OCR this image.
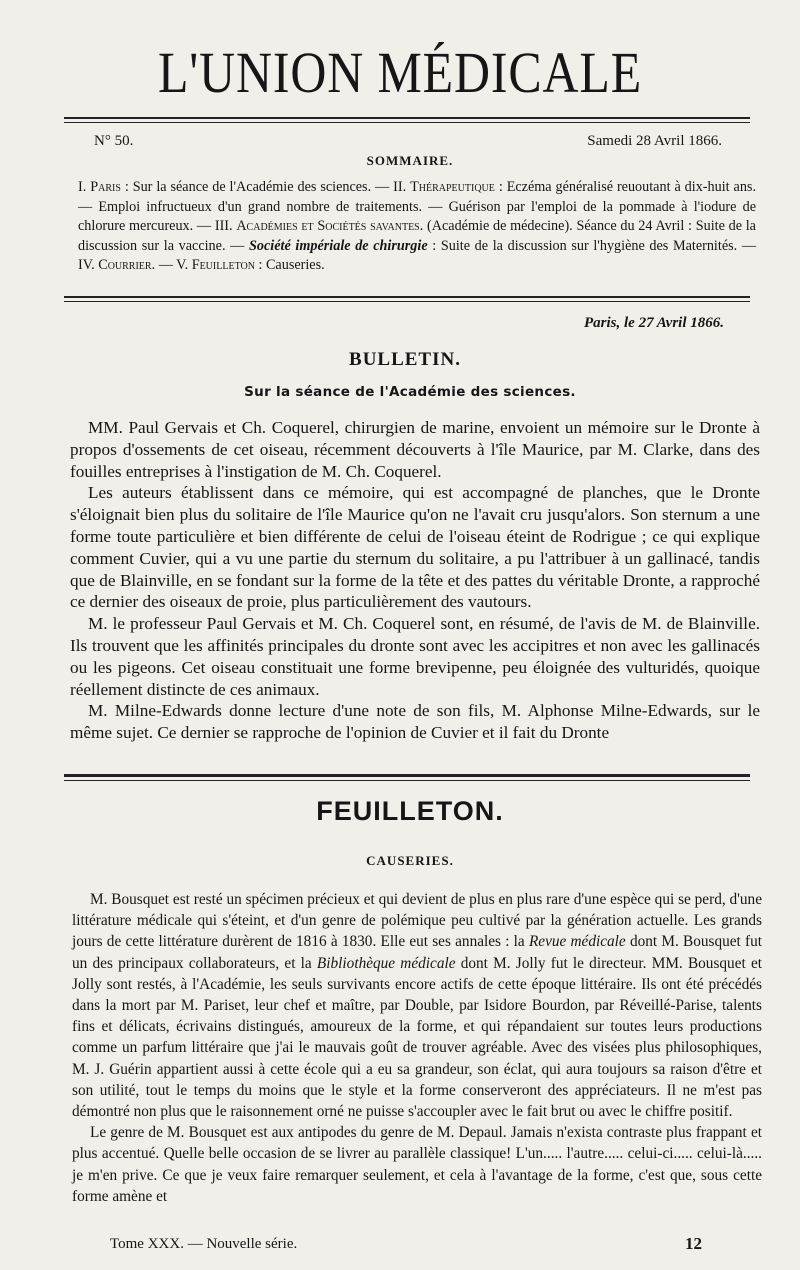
L'UNION MÉDICALE
N° 50.	Samedi 28 Avril 1866.
SOMMAIRE.
I. Paris : Sur la séance de l'Académie des sciences. — II. Thérapeutique : Eczéma généralisé reuoutant à dix-huit ans. — Emploi infructueux d'un grand nombre de traitements. — Guérison par l'emploi de la pommade à l'iodure de chlorure mercureux. — III. Académies et Sociétés savantes. (Académie de médecine). Séance du 24 Avril : Suite de la discussion sur la vaccine. — Société impériale de chirurgie : Suite de la discussion sur l'hygiène des Maternités. — IV. Courrier. — V. Feuilleton : Causeries.
Paris, le 27 Avril 1866.
BULLETIN.
Sur la séance de l'Académie des sciences.

MM. Paul Gervais et Ch. Coquerel, chirurgien de marine, envoient un mémoire sur le Dronte à propos d'ossements de cet oiseau, récemment découverts à l'île Maurice, par M. Clarke, dans des fouilles entreprises à l'instigation de M. Ch. Coquerel.

Les auteurs établissent dans ce mémoire, qui est accompagné de planches, que le Dronte s'éloignait bien plus du solitaire de l'île Maurice qu'on ne l'avait cru jusqu'alors. Son sternum a une forme toute particulière et bien différente de celui de l'oiseau éteint de Rodrigue ; ce qui explique comment Cuvier, qui a vu une partie du sternum du solitaire, a pu l'attribuer à un gallinacé, tandis que de Blainville, en se fondant sur la forme de la tête et des pattes du véritable Dronte, a rapproché ce dernier des oiseaux de proie, plus particulièrement des vautours.

M. le professeur Paul Gervais et M. Ch. Coquerel sont, en résumé, de l'avis de M. de Blainville. Ils trouvent que les affinités principales du dronte sont avec les accipitres et non avec les gallinacés ou les pigeons. Cet oiseau constituait une forme brevipenne, peu éloignée des vulturidés, quoique réellement distincte de ces animaux.

M. Milne-Edwards donne lecture d'une note de son fils, M. Alphonse Milne-Edwards, sur le même sujet. Ce dernier se rapproche de l'opinion de Cuvier et il fait du Dronte

FEUILLETON.
CAUSERIES.

M. Bousquet est resté un spécimen précieux et qui devient de plus en plus rare d'une espèce qui se perd, d'une littérature médicale qui s'éteint, et d'un genre de polémique peu cultivé par la génération actuelle. Les grands jours de cette littérature durèrent de 1816 à 1830. Elle eut ses annales : la Revue médicale dont M. Bousquet fut un des principaux collaborateurs, et la Bibliothèque médicale dont M. Jolly fut le directeur. MM. Bousquet et Jolly sont restés, à l'Académie, les seuls survivants encore actifs de cette époque littéraire. Ils ont été précédés dans la mort par M. Pariset, leur chef et maître, par Double, par Isidore Bourdon, par Réveillé-Parise, talents fins et délicats, écrivains distingués, amoureux de la forme, et qui répandaient sur toutes leurs productions comme un parfum littéraire que j'ai le mauvais goût de trouver agréable. Avec des visées plus philosophiques, M. J. Guérin appartient aussi à cette école qui a eu sa grandeur, son éclat, qui aura toujours sa raison d'être et son utilité, tout le temps du moins que le style et la forme conserveront des appréciateurs. Il ne m'est pas démontré non plus que le raisonnement orné ne puisse s'accoupler avec le fait brut ou avec le chiffre positif.

Le genre de M. Bousquet est aux antipodes du genre de M. Depaul. Jamais n'exista contraste plus frappant et plus accentué. Quelle belle occasion de se livrer au parallèle classique! L'un..... l'autre..... celui-ci..... celui-là..... je m'en prive. Ce que je veux faire remarquer seulement, et cela à l'avantage de la forme, c'est que, sous cette forme amène et

Tome XXX. — Nouvelle série.	12
